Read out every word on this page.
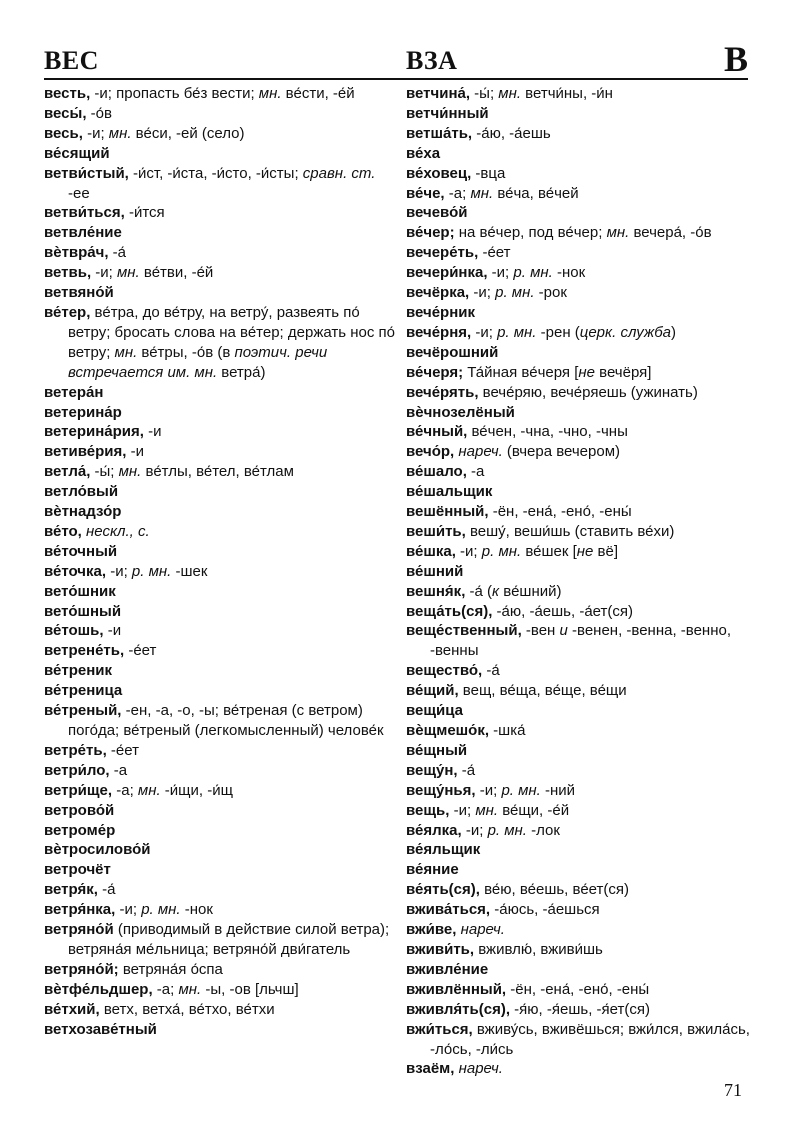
ВЕС	ВЗА	В

весть, -и; пропасть бе́з вести; мн. ве́сти, -е́й

весы́, -о́в

весь, -и; мн. ве́си, -ей (село)

ве́сящий

ветви́стый, -и́ст, -и́ста, -и́сто, -и́сты; сравн. ст. -ее

ветви́ться, -и́тся

ветвле́ние

вѐтвра́ч, -а́

ветвь, -и; мн. ве́тви, -е́й

ветвяно́й

ве́тер, ве́тра, до ве́тру, на ветру́, развеять по́ ветру; бросать слова на ве́тер; держать нос по́ ветру; мн. ве́тры, -о́в (в поэтич. речи встречается им. мн. ветра́)

ветера́н

ветерина́р

ветерина́рия, -и

ветиве́рия, -и

ветла́, -ы́; мн. ве́тлы, ве́тел, ве́тлам

ветло́вый

вѐтнадзо́р

ве́то, нескл., с.

ве́точный

ве́точка, -и; р. мн. -шек

вето́шник

вето́шный

ве́тошь, -и

ветрене́ть, -е́ет

ве́треник

ве́треница

ве́треный, -ен, -а, -о, -ы; ве́треная (с ветром) пого́да; ве́треный (легкомысленный) челове́к

ветре́ть, -е́ет

ветри́ло, -а

ветри́ще, -а; мн. -и́щи, -и́щ

ветрово́й

ветроме́р

вѐтросилово́й

ветрочёт

ветря́к, -а́

ветря́нка, -и; р. мн. -нок

ветряно́й (приводимый в действие силой ветра); ветряна́я ме́льница; ветряно́й дви́гатель

ветряно́й; ветряна́я о́спа

вѐтфе́льдшер, -а; мн. -ы, -ов [льчш]

ве́тхий, ветх, ветха́, ве́тхо, ве́тхи

ветхозаве́тный

ветчина́, -ы́; мн. ветчи́ны, -и́н

ветчи́нный

ветша́ть, -а́ю, -а́ешь

ве́ха

ве́ховец, -вца

ве́че, -а; мн. ве́ча, ве́чей

вечево́й

ве́чер; на ве́чер, под ве́чер; мн. вечера́, -о́в

вечере́ть, -е́ет

вечери́нка, -и; р. мн. -нок

вечёрка, -и; р. мн. -рок

вече́рник

вече́рня, -и; р. мн. -рен (церк. служба)

вечёрошний

ве́черя; Та́йная ве́черя [не вечёря]

вече́рять, вече́ряю, вече́ряешь (ужинать)

вѐчнозелёный

ве́чный, ве́чен, -чна, -чно, -чны

вечо́р, нареч. (вчера вечером)

ве́шало, -а

ве́шальщик

вешённый, -ён, -ена́, -ено́, -ены́

веши́ть, вешу́, веши́шь (ставить ве́хи)

ве́шка, -и; р. мн. ве́шек [не вё]

ве́шний

вешня́к, -а́ (к ве́шний)

веща́ть(ся), -а́ю, -а́ешь, -а́ет(ся)

веще́ственный, -вен и -венен, -венна, -венно, -венны

вещество́, -а́

ве́щий, вещ, ве́ща, ве́ще, ве́щи

вещи́ца

вѐщмешо́к, -шка́

ве́щный

вещу́н, -а́

вещу́нья, -и; р. мн. -ний

вещь, -и; мн. ве́щи, -е́й

ве́ялка, -и; р. мн. -лок

ве́яльщик

ве́яние

ве́ять(ся), ве́ю, ве́ешь, ве́ет(ся)

вжива́ться, -а́юсь, -а́ешься

вжи́ве, нареч.

вживи́ть, вживлю́, вживи́шь

вживле́ние

вживлённый, -ён, -ена́, -ено́, -ены́

вживля́ть(ся), -я́ю, -я́ешь, -я́ет(ся)

вжи́ться, вживу́сь, вживёшься; вжи́лся, вжила́сь, -ло́сь, -ли́сь

взаём, нареч.

71
